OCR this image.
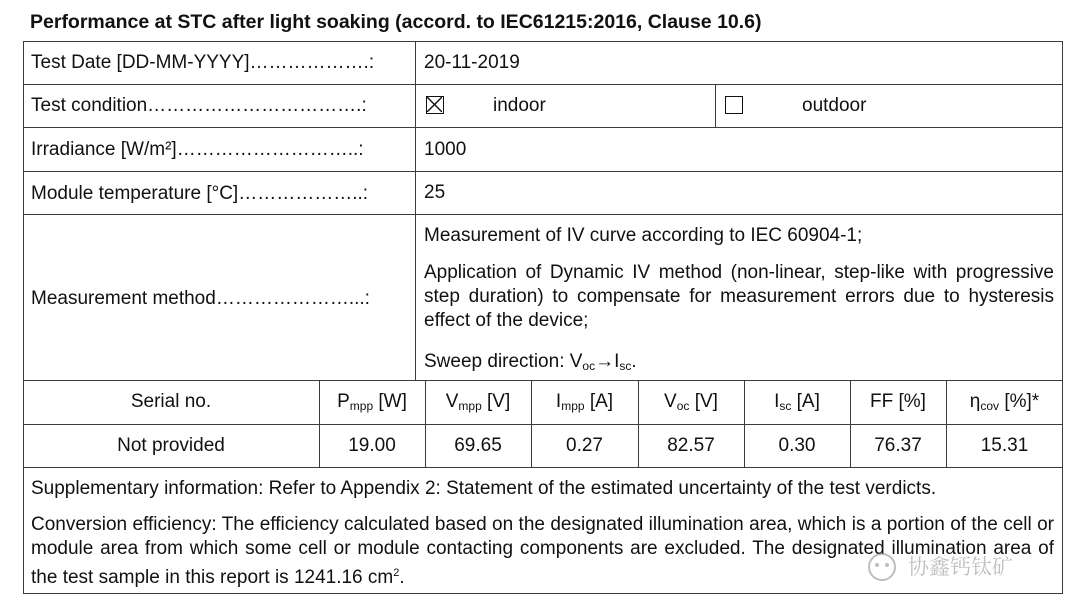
Performance at STC after light soaking (accord. to IEC61215:2016, Clause 10.6)
Test Date [DD-MM-YYYY]……………….:	20-11-2019
Test condition…………………………….:	indoor	outdoor
Irradiance [W/m²]………………………..:	1000
Module temperature [°C]………………..:	25
Measurement method…………………...:
Measurement of IV curve according to IEC 60904-1;
Application of Dynamic IV method (non-linear, step-like with progressive step duration) to compensate for measurement errors due to hysteresis effect of the device;
Sweep direction: $V_{oc}\to I_{sc}$.
Serial no.	$P_{mpp}$ [W]	$V_{mpp}$ [V]	$I_{mpp}$ [A]	$V_{oc}$ [V]	$I_{sc}$ [A]	FF [%]	$\eta_{cov}$ [%]*
Not provided	19.00	69.65	0.27	82.57	0.30	76.37	15.31
Supplementary information: Refer to Appendix 2: Statement of the estimated uncertainty of the test verdicts.
Conversion efficiency: The efficiency calculated based on the designated illumination area, which is a portion of the cell or module area from which some cell or module contacting components are excluded. The designated illumination area of the test sample in this report is 1241.16 $cm^2$.	协鑫钙钛矿
